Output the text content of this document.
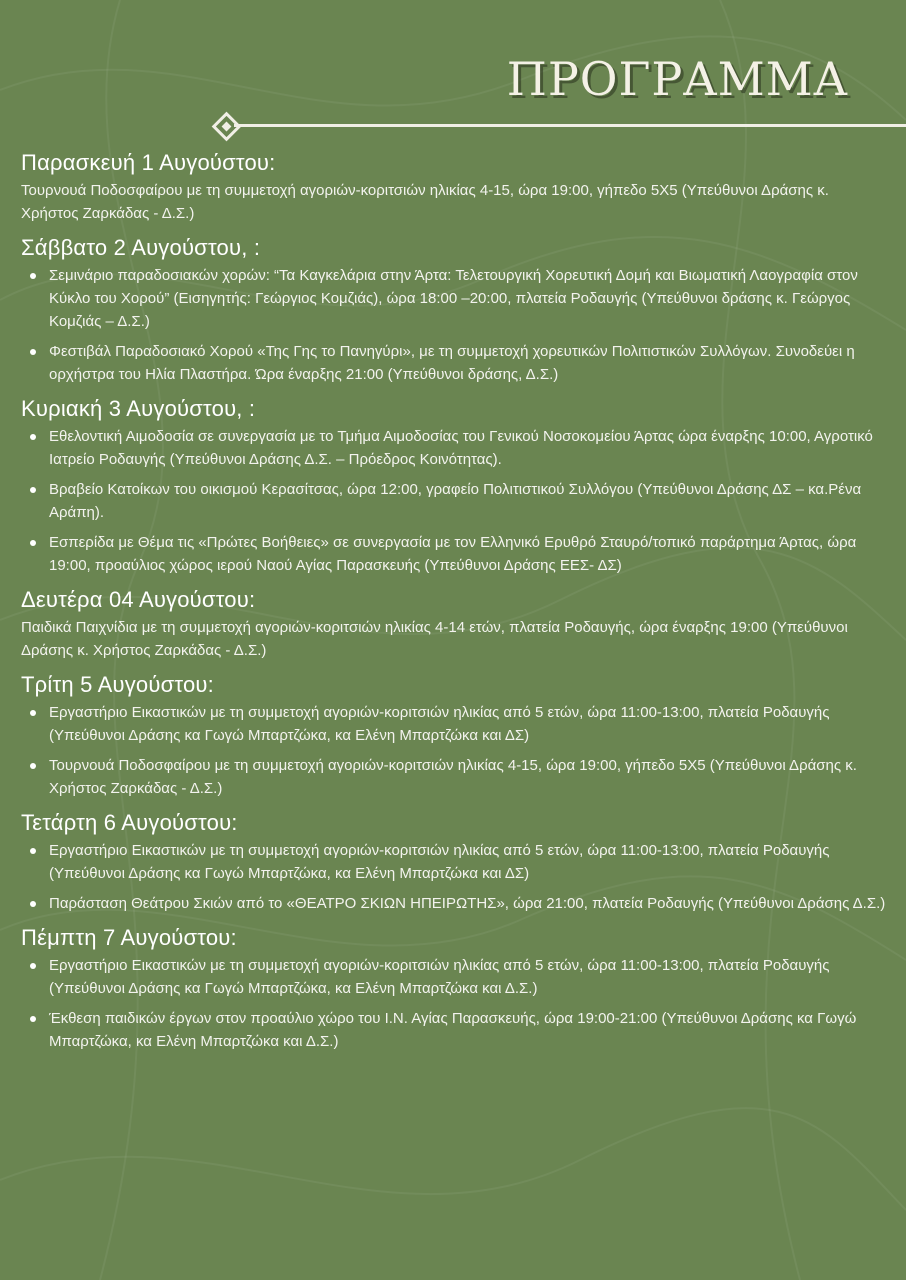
ΠΡΟΓΡΑΜΜΑ
Παρασκευή 1 Αυγούστου:

Τουρνουά Ποδοσφαίρου με τη συμμετοχή αγοριών-κοριτσιών ηλικίας 4-15, ώρα 19:00, γήπεδο 5Χ5 (Υπεύθυνοι Δράσης κ. Χρήστος Ζαρκάδας - Δ.Σ.)

Σάββατο 2 Αυγούστου, :
Σεμινάριο παραδοσιακών χορών: “Τα Καγκελάρια στην Άρτα: Τελετουργική Χορευτική Δομή και Βιωματική Λαογραφία στον Κύκλο του Χορού” (Εισηγητής: Γεώργιος Κομζιάς), ώρα 18:00 –20:00, πλατεία Ροδαυγής (Υπεύθυνοι δράσης κ. Γεώργος Κομζιάς – Δ.Σ.)
Φεστιβάλ Παραδοσιακό Χορού «Της Γης το Πανηγύρι», με τη συμμετοχή χορευτικών Πολιτιστικών Συλλόγων. Συνοδεύει η ορχήστρα του Ηλία Πλαστήρα. Ώρα έναρξης 21:00 (Υπεύθυνοι δράσης, Δ.Σ.)
Κυριακή 3 Αυγούστου, :
Εθελοντική Αιμοδοσία σε συνεργασία με το Τμήμα Αιμοδοσίας του Γενικού Νοσοκομείου Άρτας ώρα έναρξης 10:00, Αγροτικό Ιατρείο Ροδαυγής (Υπεύθυνοι Δράσης Δ.Σ. – Πρόεδρος Κοινότητας).
Βραβείο Κατοίκων του οικισμού Κερασίτσας, ώρα 12:00, γραφείο Πολιτιστικού Συλλόγου (Υπεύθυνοι Δράσης ΔΣ – κα.Ρένα Αράπη).
Εσπερίδα με Θέμα τις «Πρώτες Βοήθειες» σε συνεργασία με τον Ελληνικό Ερυθρό Σταυρό/τοπικό παράρτημα Άρτας, ώρα 19:00, προαύλιος χώρος ιερού Ναού Αγίας Παρασκευής (Υπεύθυνοι Δράσης ΕΕΣ- ΔΣ)
Δευτέρα 04 Αυγούστου:

Παιδικά Παιχνίδια με τη συμμετοχή αγοριών-κοριτσιών ηλικίας 4-14 ετών, πλατεία Ροδαυγής, ώρα έναρξης 19:00 (Υπεύθυνοι Δράσης κ. Χρήστος Ζαρκάδας - Δ.Σ.)

Τρίτη 5 Αυγούστου:
Εργαστήριο Εικαστικών με τη συμμετοχή αγοριών-κοριτσιών ηλικίας από 5 ετών, ώρα 11:00-13:00, πλατεία Ροδαυγής (Υπεύθυνοι Δράσης κα Γωγώ Μπαρτζώκα, κα Ελένη Μπαρτζώκα και ΔΣ)
Τουρνουά Ποδοσφαίρου με τη συμμετοχή αγοριών-κοριτσιών ηλικίας 4-15, ώρα 19:00, γήπεδο 5Χ5 (Υπεύθυνοι Δράσης κ. Χρήστος Ζαρκάδας - Δ.Σ.)
Τετάρτη 6 Αυγούστου:
Εργαστήριο Εικαστικών με τη συμμετοχή αγοριών-κοριτσιών ηλικίας από 5 ετών, ώρα 11:00-13:00, πλατεία Ροδαυγής (Υπεύθυνοι Δράσης κα Γωγώ Μπαρτζώκα, κα Ελένη Μπαρτζώκα και ΔΣ)
Παράσταση Θεάτρου Σκιών από το «ΘΕΑΤΡΟ ΣΚΙΩΝ ΗΠΕΙΡΩΤΗΣ», ώρα 21:00, πλατεία Ροδαυγής (Υπεύθυνοι Δράσης Δ.Σ.)
Πέμπτη 7 Αυγούστου:
Εργαστήριο Εικαστικών με τη συμμετοχή αγοριών-κοριτσιών ηλικίας από 5 ετών, ώρα 11:00-13:00, πλατεία Ροδαυγής (Υπεύθυνοι Δράσης κα Γωγώ Μπαρτζώκα, κα Ελένη Μπαρτζώκα και Δ.Σ.)
Έκθεση παιδικών έργων στον προαύλιο χώρο του Ι.Ν. Αγίας Παρασκευής, ώρα 19:00-21:00 (Υπεύθυνοι Δράσης κα Γωγώ Μπαρτζώκα, κα Ελένη Μπαρτζώκα και Δ.Σ.)
